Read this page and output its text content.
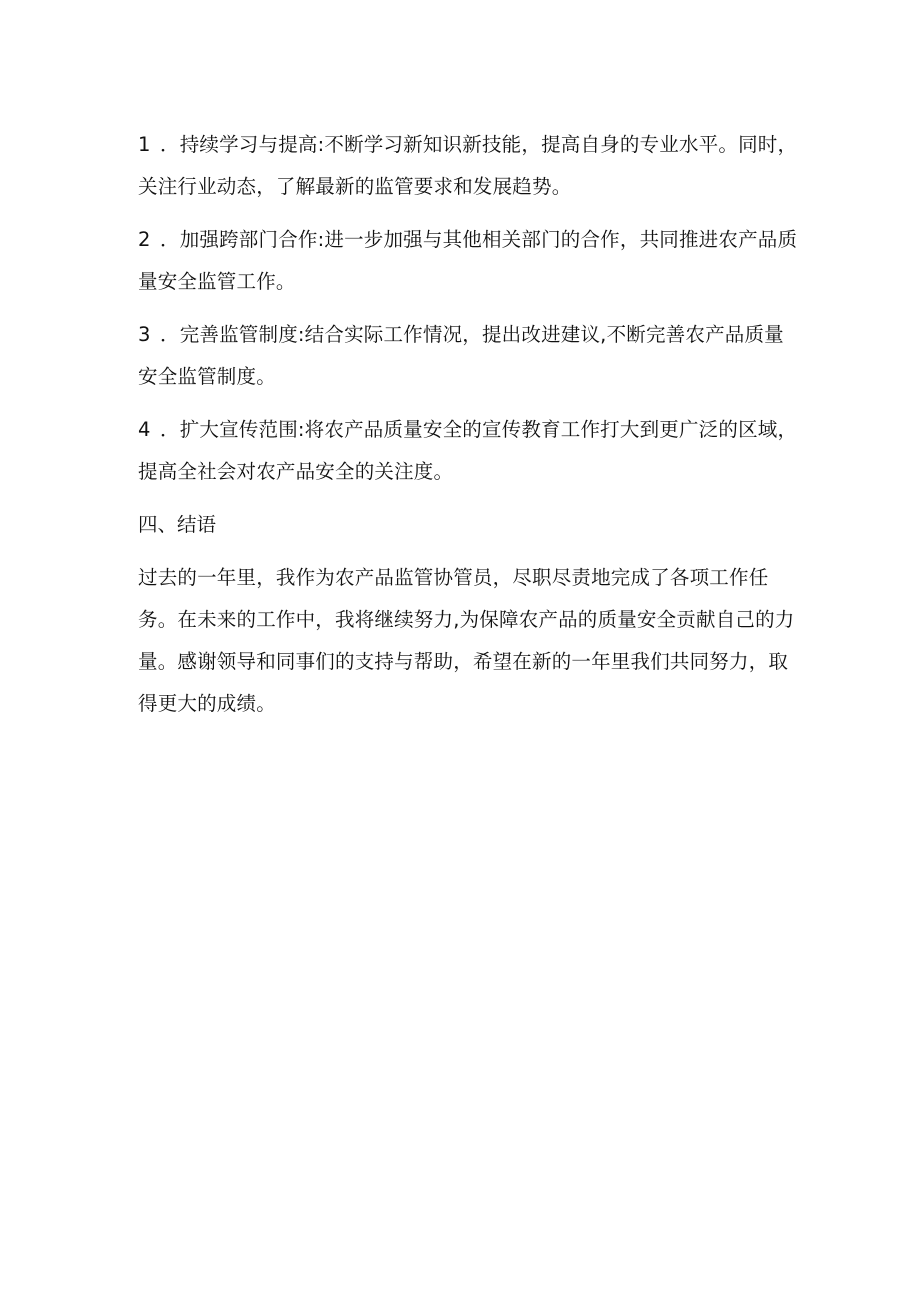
1 ．持续学习与提高:不断学习新知识新技能，提高自身的专业水平。同时，关注行业动态，了解最新的监管要求和发展趋势。

2 ．加强跨部门合作:进一步加强与其他相关部门的合作，共同推进农产品质量安全监管工作。

3 ．完善监管制度:结合实际工作情况，提出改进建议,不断完善农产品质量安全监管制度。

4 ．扩大宣传范围:将农产品质量安全的宣传教育工作打大到更广泛的区域，提高全社会对农产品安全的关注度。

四、结语

过去的一年里，我作为农产品监管协管员，尽职尽责地完成了各项工作任务。在未来的工作中，我将继续努力,为保障农产品的质量安全贡献自己的力量。感谢领导和同事们的支持与帮助，希望在新的一年里我们共同努力，取得更大的成绩。
